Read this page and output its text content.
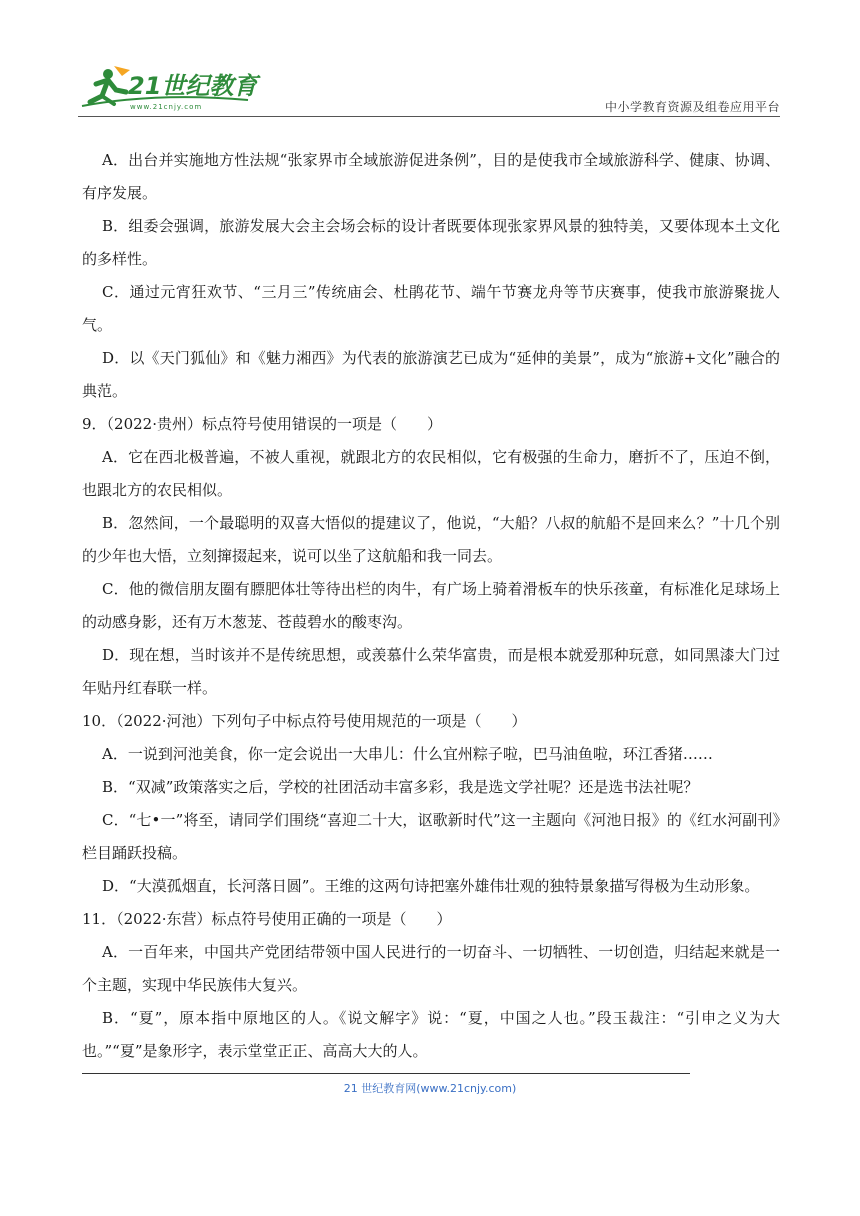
21世纪教育
www.21cnjy.com	中小学教育资源及组卷应用平台

A．出台并实施地方性法规“张家界市全域旅游促进条例”，目的是使我市全域旅游科学、健康、协调、有序发展。

B．组委会强调，旅游发展大会主会场会标的设计者既要体现张家界风景的独特美，又要体现本土文化的多样性。

C．通过元宵狂欢节、“三月三”传统庙会、杜鹃花节、端午节赛龙舟等节庆赛事，使我市旅游聚拢人气。

D．以《天门狐仙》和《魅力湘西》为代表的旅游演艺已成为“延伸的美景”，成为“旅游+文化”融合的典范。

9．（2022·贵州）标点符号使用错误的一项是（　　）

A．它在西北极普遍，不被人重视，就跟北方的农民相似，它有极强的生命力，磨折不了，压迫不倒，也跟北方的农民相似。

B．忽然间，一个最聪明的双喜大悟似的提建议了，他说，“大船？八叔的航船不是回来么？”十几个别的少年也大悟，立刻撺掇起来，说可以坐了这航船和我一同去。

C．他的微信朋友圈有膘肥体壮等待出栏的肉牛，有广场上骑着滑板车的快乐孩童，有标准化足球场上的动感身影，还有万木葱茏、苍葭碧水的酸枣沟。

D．现在想，当时该并不是传统思想，或羡慕什么荣华富贵，而是根本就爱那种玩意，如同黑漆大门过年贴丹红春联一样。

10．（2022·河池）下列句子中标点符号使用规范的一项是（　　）

A．一说到河池美食，你一定会说出一大串儿：什么宜州粽子啦，巴马油鱼啦，环江香猪……

B．“双减”政策落实之后，学校的社团活动丰富多彩，我是选文学社呢？还是选书法社呢？

C．“七•一”将至，请同学们围绕“喜迎二十大，讴歌新时代”这一主题向《河池日报》的《红水河副刊》栏目踊跃投稿。

D．“大漠孤烟直，长河落日圆”。王维的这两句诗把塞外雄伟壮观的独特景象描写得极为生动形象。

11．（2022·东营）标点符号使用正确的一项是（　　）

A．一百年来，中国共产党团结带领中国人民进行的一切奋斗、一切牺牲、一切创造，归结起来就是一个主题，实现中华民族伟大复兴。

B．“夏”，原本指中原地区的人。《说文解字》说：“夏，中国之人也。”段玉裁注：“引申之义为大也。”“夏”是象形字，表示堂堂正正、高高大大的人。

21 世纪教育网(www.21cnjy.com)
